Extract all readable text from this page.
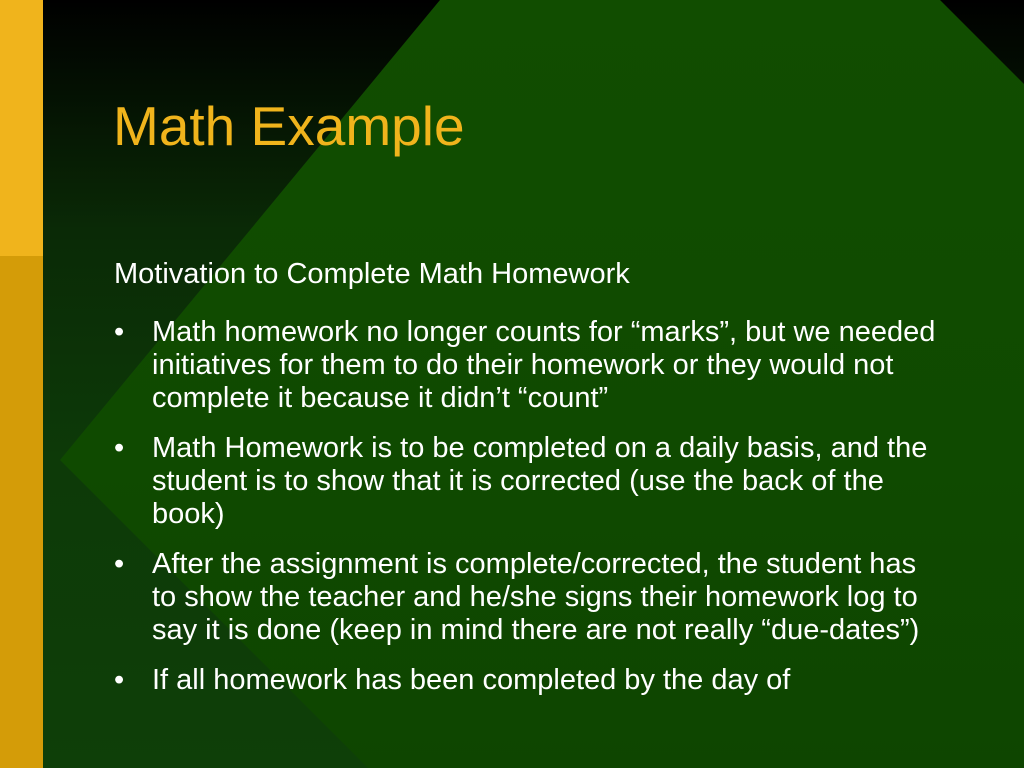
Math Example

Motivation to Complete Math Homework

• Math homework no longer counts for “marks”, but we needed initiatives for them to do their homework or they would not complete it because it didn’t “count”
• Math Homework is to be completed on a daily basis, and the student is to show that it is corrected (use the back of the book)
• After the assignment is complete/corrected, the student has to show the teacher and he/she signs their homework log to say it is done (keep in mind there are not really “due-dates”)
• If all homework has been completed by the day of
